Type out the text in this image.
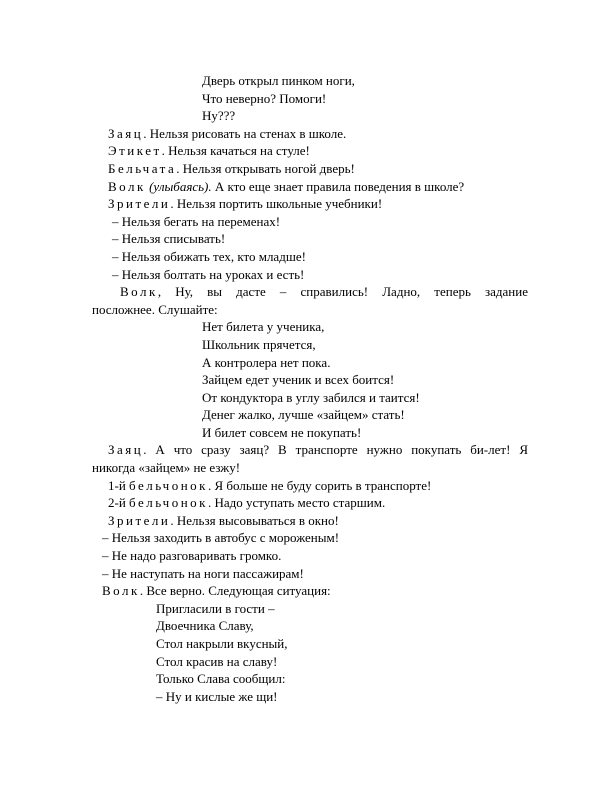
Дверь открыл пинком ноги,
Что неверно? Помоги!
Ну???
Заяц. Нельзя рисовать на стенах в школе.
Этикет. Нельзя качаться на стуле!
Бельчата. Нельзя открывать ногой дверь!
Волк (улыбаясь). А кто еще знает правила поведения в школе?
Зрители. Нельзя портить школьные учебники!
– Нельзя бегать на переменах!
– Нельзя списывать!
– Нельзя обижать тех, кто младше!
– Нельзя болтать на уроках и есть!
Волк, Ну, вы дасте – справились! Ладно, теперь задание
посложнее. Слушайте:
Нет билета у ученика,
Школьник прячется,
А контролера нет пока.
Зайцем едет ученик и всех боится!
От кондуктора в углу забился и таится!
Денег жалко, лучше «зайцем» стать!
И билет совсем не покупать!
Заяц. А что сразу заяц? В транспорте нужно покупать би-лет! Я
никогда «зайцем» не езжу!
1-й бельчонок. Я больше не буду сорить в транспорте!
2-й бельчонок. Надо уступать место старшим.
Зрители. Нельзя высовываться в окно!
– Нельзя заходить в автобус с мороженым!
– Не надо разговаривать громко.
– Не наступать на ноги пассажирам!
Волк. Все верно. Следующая ситуация:
Пригласили в гости –
Двоечника Славу,
Стол накрыли вкусный,
Стол красив на славу!
Только Слава сообщил:
– Ну и кислые же щи!
